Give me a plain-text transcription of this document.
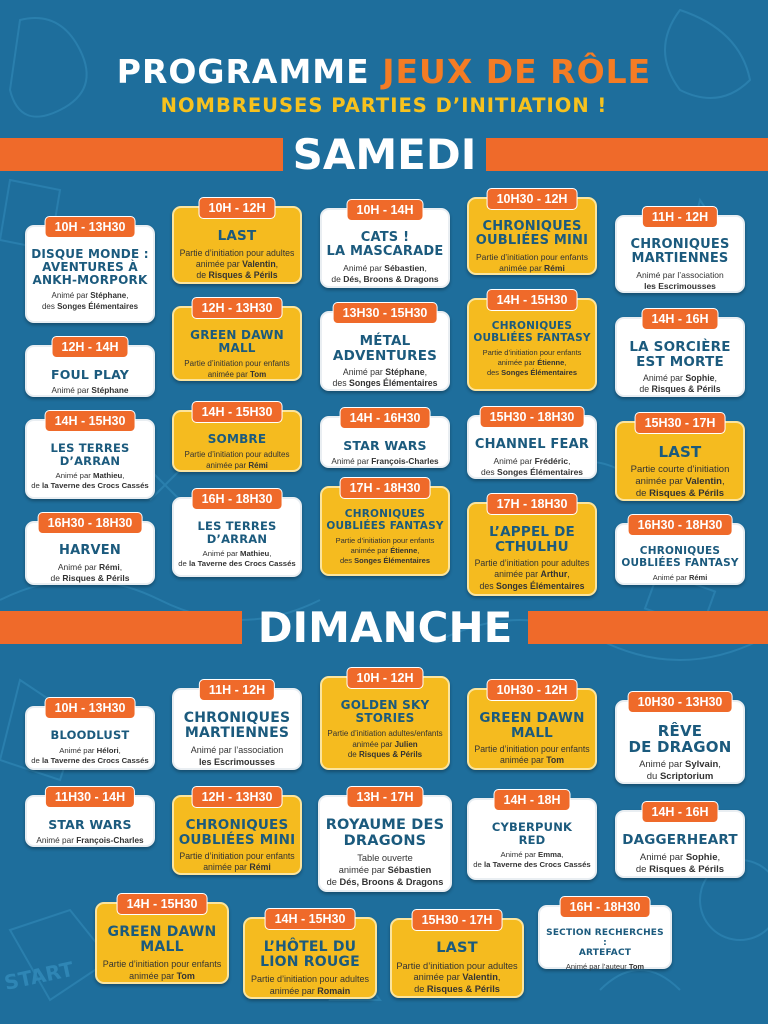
START
PROGRAMME JEUX DE RÔLE
NOMBREUSES PARTIES D’INITIATION !
SAMEDI
DIMANCHE
10H - 13H30
DISQUE MONDE :
AVENTURES À
ANKH-MORPORK
Animé par Stéphane,
des Songes Élémentaires
12H - 14H
FOUL PLAY
Animé par Stéphane
14H - 15H30
LES TERRES
D’ARRAN
Animé par Mathieu,
de la Taverne des Crocs Cassés
16H30 - 18H30
HARVEN
Animé par Rémi,
de Risques & Périls
10H - 12H
LAST
Partie d’initiation pour adultes
animée par Valentin,
de Risques & Périls
12H - 13H30
GREEN DAWN
MALL
Partie d’initiation pour enfants
animée par Tom
14H - 15H30
SOMBRE
Partie d’initiation pour adultes
animée par Rémi
16H - 18H30
LES TERRES
D’ARRAN
Animé par Mathieu,
de la Taverne des Crocs Cassés
10H - 14H
CATS !
LA MASCARADE
Animé par Sébastien,
de Dés, Broons & Dragons
13H30 - 15H30
MÉTAL
ADVENTURES
Animé par Stéphane,
des Songes Élémentaires
14H - 16H30
STAR WARS
Animé par François-Charles
17H - 18H30
CHRONIQUES
OUBLIÉES FANTASY
Partie d’initiation pour enfants
animée par Étienne,
des Songes Élémentaires
10H30 - 12H
CHRONIQUES
OUBLIÉES MINI
Partie d’initiation pour enfants
animée par Rémi
14H - 15H30
CHRONIQUES
OUBLIÉES FANTASY
Partie d’initiation pour enfants
animée par Étienne,
des Songes Élémentaires
15H30 - 18H30
CHANNEL FEAR
Animé par Frédéric,
des Songes Élémentaires
17H - 18H30
L’APPEL DE
CTHULHU
Partie d’initiation pour adultes
animée par Arthur,
des Songes Élémentaires
11H - 12H
CHRONIQUES
MARTIENNES
Animé par l’association
les Escrimousses
14H - 16H
LA SORCIÈRE
EST MORTE
Animé par Sophie,
de Risques & Périls
15H30 - 17H
LAST
Partie courte d’initiation
animée par Valentin,
de Risques & Périls
16H30 - 18H30
CHRONIQUES
OUBLIÉES FANTASY
Animé par Rémi
10H - 13H30
BLOODLUST
Animé par Hélori,
de la Taverne des Crocs Cassés
11H30 - 14H
STAR WARS
Animé par François-Charles
11H - 12H
CHRONIQUES
MARTIENNES
Animé par l’association
les Escrimousses
12H - 13H30
CHRONIQUES
OUBLIÉES MINI
Partie d’initiation pour enfants
animée par Rémi
10H - 12H
GOLDEN SKY
STORIES
Partie d’initiation adultes/enfants
animée par Julien
de Risques & Périls
13H - 17H
ROYAUME DES
DRAGONS
Table ouverte
animée par Sébastien
de Dés, Broons & Dragons
10H30 - 12H
GREEN DAWN
MALL
Partie d’initiation pour enfants
animée par Tom
14H - 18H
CYBERPUNK
RED
Animé par Emma,
de la Taverne des Crocs Cassés
10H30 - 13H30
RÊVE
DE DRAGON
Animé par Sylvain,
du Scriptorium
14H - 16H
DAGGERHEART
Animé par Sophie,
de Risques & Périls
14H - 15H30
GREEN DAWN
MALL
Partie d’initiation pour enfants
animée par Tom
14H - 15H30
L’HÔTEL DU
LION ROUGE
Partie d’initiation pour adultes
animée par Romain
15H30 - 17H
LAST
Partie d’initiation pour adultes
animée par Valentin,
de Risques & Périls
16H - 18H30
SECTION RECHERCHES :
ARTEFACT
Animé par l’auteur Tom
